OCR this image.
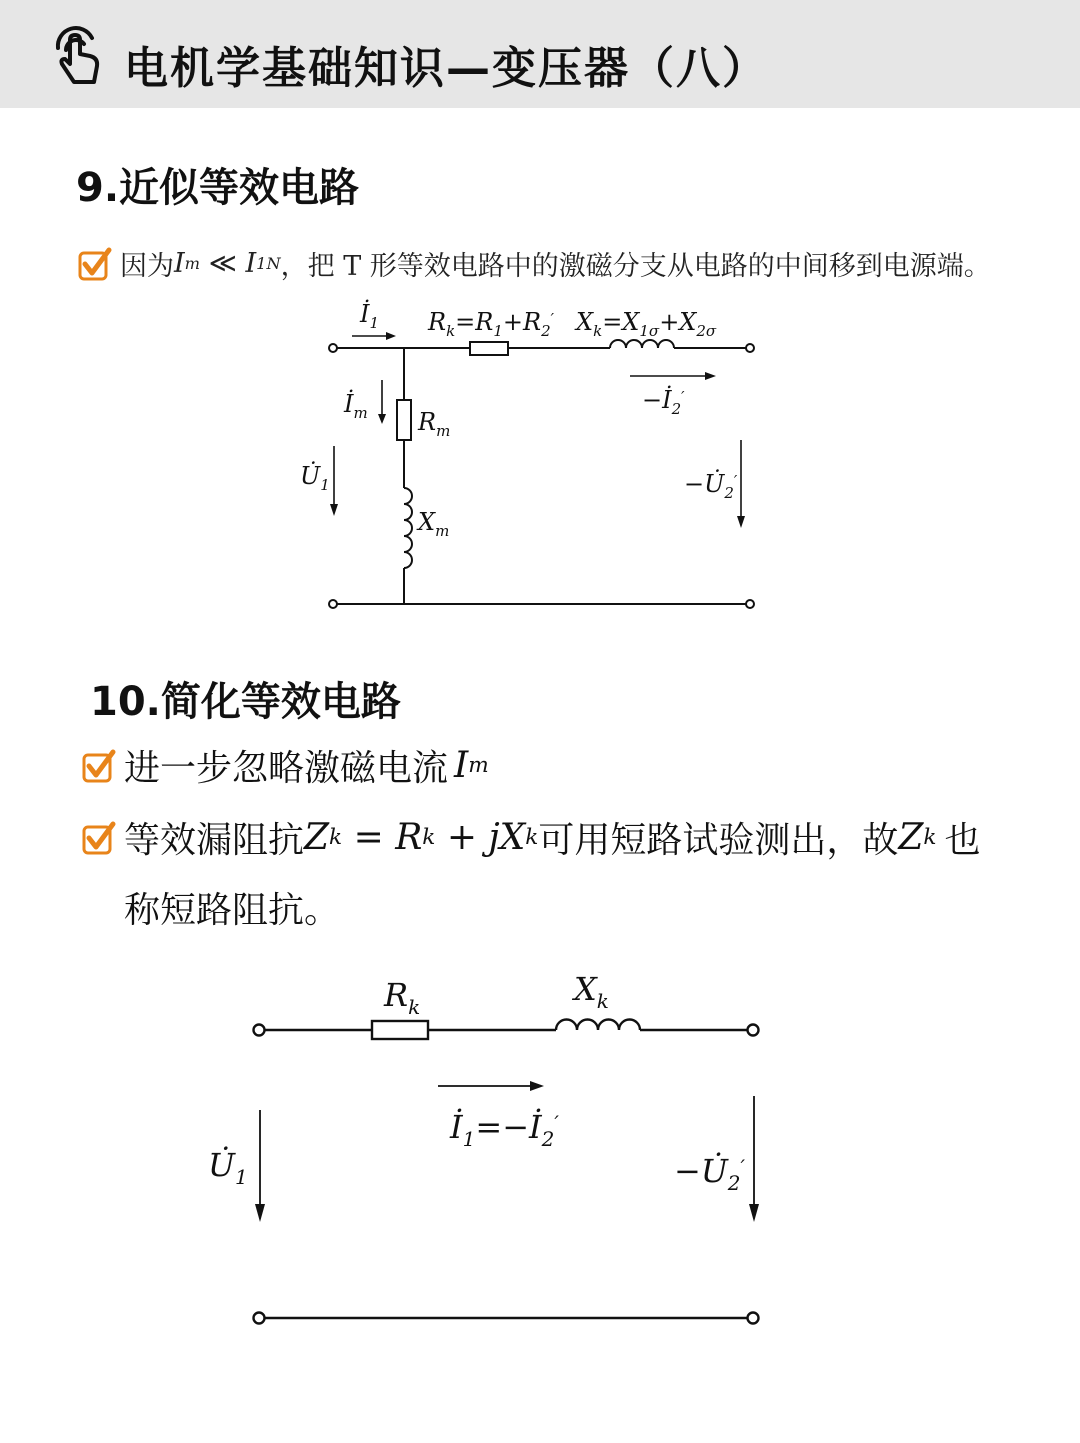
电机学基础知识—变压器（八）
9.近似等效电路
因为 I m ≪ I 1N ，把 T 形等效电路中的激磁分支从电路的中间移到电源端。
$İ_1$ $R_k=R_1+R_2'$ $X_k=X_{1\sigma}+X_{2\sigma}$
$İ_m$ $R_m$
$X_m$
$U̇_1$
$-İ_2'$
$-U̇_2'$
10.简化等效电路
进一步忽略激磁电流 I m
等效漏阻抗 Z k = R k + jX k 可用短路试验测出，故 Z k 也
称短路阻抗。
$R_k$	$X_k$
$İ_1=-İ_2'$
$U̇_1$	$-U̇_2'$
